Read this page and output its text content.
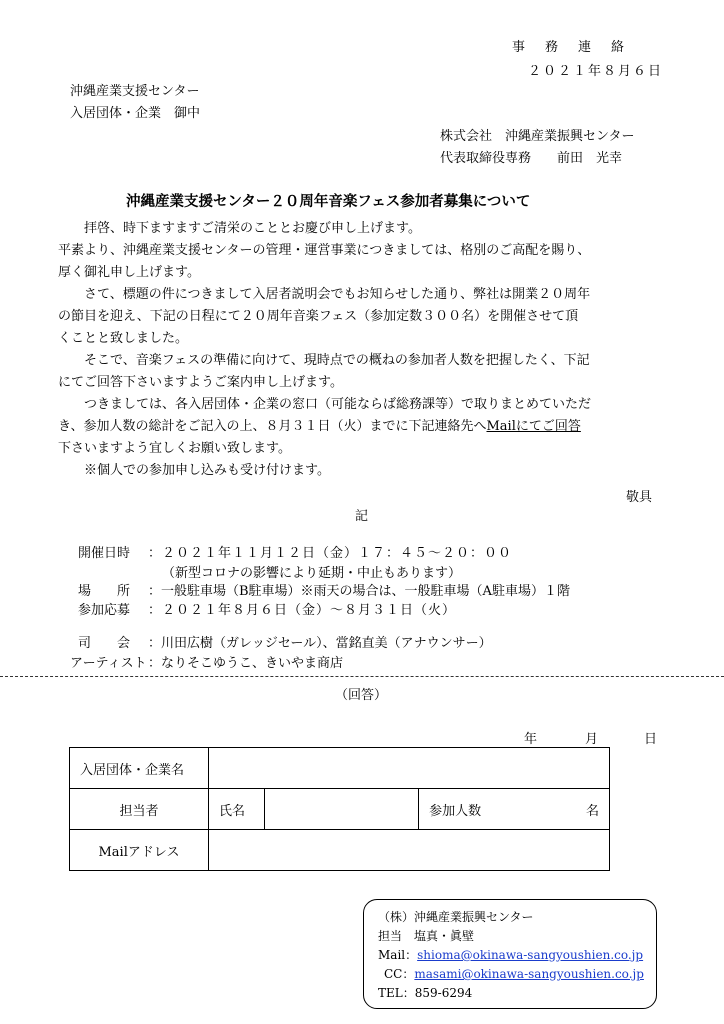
事務連絡
２０２１年８月６日
沖縄産業支援センター
入居団体・企業　御中
株式会社　沖縄産業振興センター
代表取締役専務　　前田　光幸
沖縄産業支援センター２０周年音楽フェス参加者募集について
拝啓、時下ますますご清栄のこととお慶び申し上げます。
平素より、沖縄産業支援センターの管理・運営事業につきましては、格別のご高配を賜り、
厚く御礼申し上げます。
さて、標題の件につきまして入居者説明会でもお知らせした通り、弊社は開業２０周年
の節目を迎え、下記の日程にて２０周年音楽フェス（参加定数３００名）を開催させて頂
くことと致しました。
そこで、音楽フェスの準備に向けて、現時点での概ねの参加者人数を把握したく、下記
にてご回答下さいますようご案内申し上げます。
つきましては、各入居団体・企業の窓口（可能ならば総務課等）で取りまとめていただ
き、参加人数の総計をご記入の上、８月３１日（火）までに下記連絡先へMailにてご回答
下さいますよう宜しくお願い致します。
※個人での参加申し込みも受け付けます。
敬具
記
開催日時 ：２０２１年１１月１２日（金）１７：４５～２０：００
（新型コロナの影響により延期・中止もあります）
場　　所 ：一般駐車場（B駐車場）※雨天の場合は、一般駐車場（A駐車場）１階
参加応募 ：２０２１年８月６日（金）～８月３１日（火）
司　　会 ：川田広樹（ガレッジセール）、當銘直美（アナウンサー）
アーティスト ：なりそこゆうこ、きいやま商店
（回答）
年	月	日
入居団体・企業名				
担当者	氏名		参加人数	名
Mailアドレス				
（株）沖縄産業振興センター
担当　塩真・眞壁
Mail：shioma@okinawa-sangyoushien.co.jp
CC：masami@okinawa-sangyoushien.co.jp
TEL：859-6294
